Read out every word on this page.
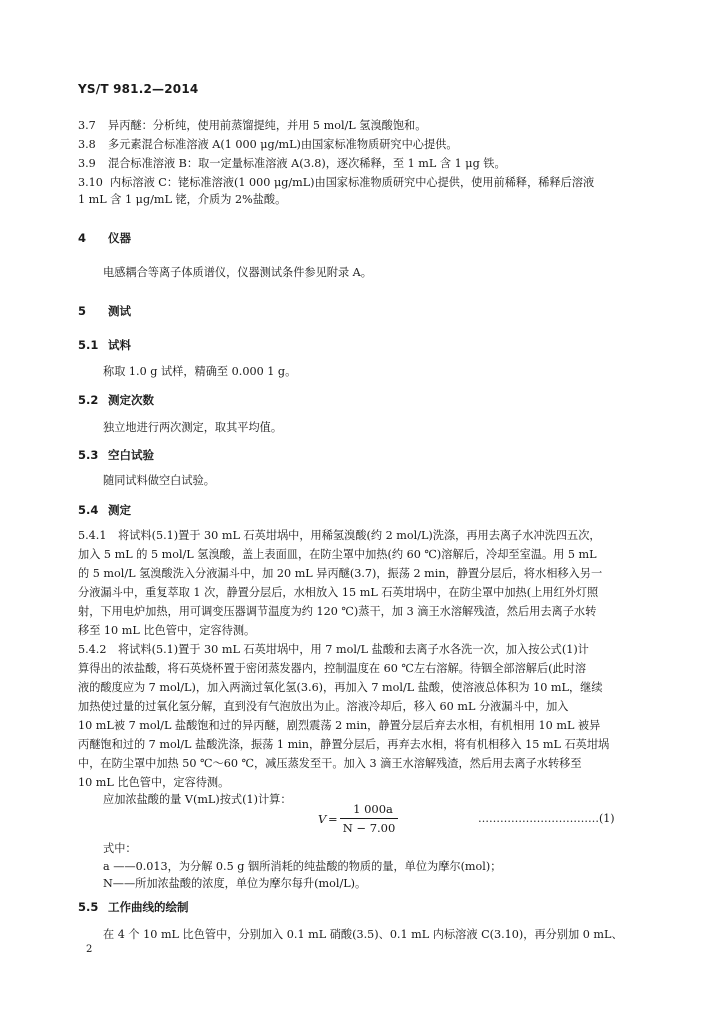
YS/T 981.2—2014
3.7 异丙醚：分析纯，使用前蒸馏提纯，并用 5 mol/L 氢溴酸饱和。
3.8 多元素混合标准溶液 A(1 000 μg/mL)由国家标准物质研究中心提供。
3.9 混合标准溶液 B：取一定量标准溶液 A(3.8)，逐次稀释，至 1 mL 含 1 μg 铁。
3.10 内标溶液 C：铑标准溶液(1 000 μg/mL)由国家标准物质研究中心提供，使用前稀释，稀释后溶液
1 mL 含 1 μg/mL 铑，介质为 2%盐酸。
4 仪器
电感耦合等离子体质谱仪，仪器测试条件参见附录 A。
5 测试
5.1 试料
称取 1.0 g 试样，精确至 0.000 1 g。
5.2 测定次数
独立地进行两次测定，取其平均值。
5.3 空白试验
随同试料做空白试验。
5.4 测定
5.4.1 将试料(5.1)置于 30 mL 石英坩埚中，用稀氢溴酸(约 2 mol/L)洗涤，再用去离子水冲洗四五次，
加入 5 mL 的 5 mol/L 氢溴酸，盖上表面皿，在防尘罩中加热(约 60 ℃)溶解后，冷却至室温。用 5 mL
的 5 mol/L 氢溴酸洗入分液漏斗中，加 20 mL 异丙醚(3.7)，振荡 2 min，静置分层后，将水相移入另一
分液漏斗中，重复萃取 1 次，静置分层后，水相放入 15 mL 石英坩埚中，在防尘罩中加热(上用红外灯照
射，下用电炉加热，用可调变压器调节温度为约 120 ℃)蒸干，加 3 滴王水溶解残渣，然后用去离子水转
移至 10 mL 比色管中，定容待测。
5.4.2 将试料(5.1)置于 30 mL 石英坩埚中，用 7 mol/L 盐酸和去离子水各洗一次，加入按公式(1)计
算得出的浓盐酸，将石英烧杯置于密闭蒸发器内，控制温度在 60 ℃左右溶解。待铟全部溶解后(此时溶
液的酸度应为 7 mol/L)，加入两滴过氧化氢(3.6)，再加入 7 mol/L 盐酸，使溶液总体积为 10 mL，继续
加热使过量的过氧化氢分解，直到没有气泡放出为止。溶液冷却后，移入 60 mL 分液漏斗中，加入
10 mL被 7 mol/L 盐酸饱和过的异丙醚，剧烈震荡 2 min，静置分层后弃去水相，有机相用 10 mL 被异
丙醚饱和过的 7 mol/L 盐酸洗涤，振荡 1 min，静置分层后，再弃去水相，将有机相移入 15 mL 石英坩埚
中，在防尘罩中加热 50 ℃～60 ℃，减压蒸发至干。加入 3 滴王水溶解残渣，然后用去离子水转移至
10 mL 比色管中，定容待测。
应加浓盐酸的量 V(mL)按式(1)计算：
V =
1 000a
N − 7.00
……………………………(1)
式中：
a ——0.013，为分解 0.5 g 铟所消耗的纯盐酸的物质的量，单位为摩尔(mol)；
N——所加浓盐酸的浓度，单位为摩尔每升(mol/L)。
5.5 工作曲线的绘制
在 4 个 10 mL 比色管中，分别加入 0.1 mL 硝酸(3.5)、0.1 mL 内标溶液 C(3.10)，再分别加 0 mL、
2
